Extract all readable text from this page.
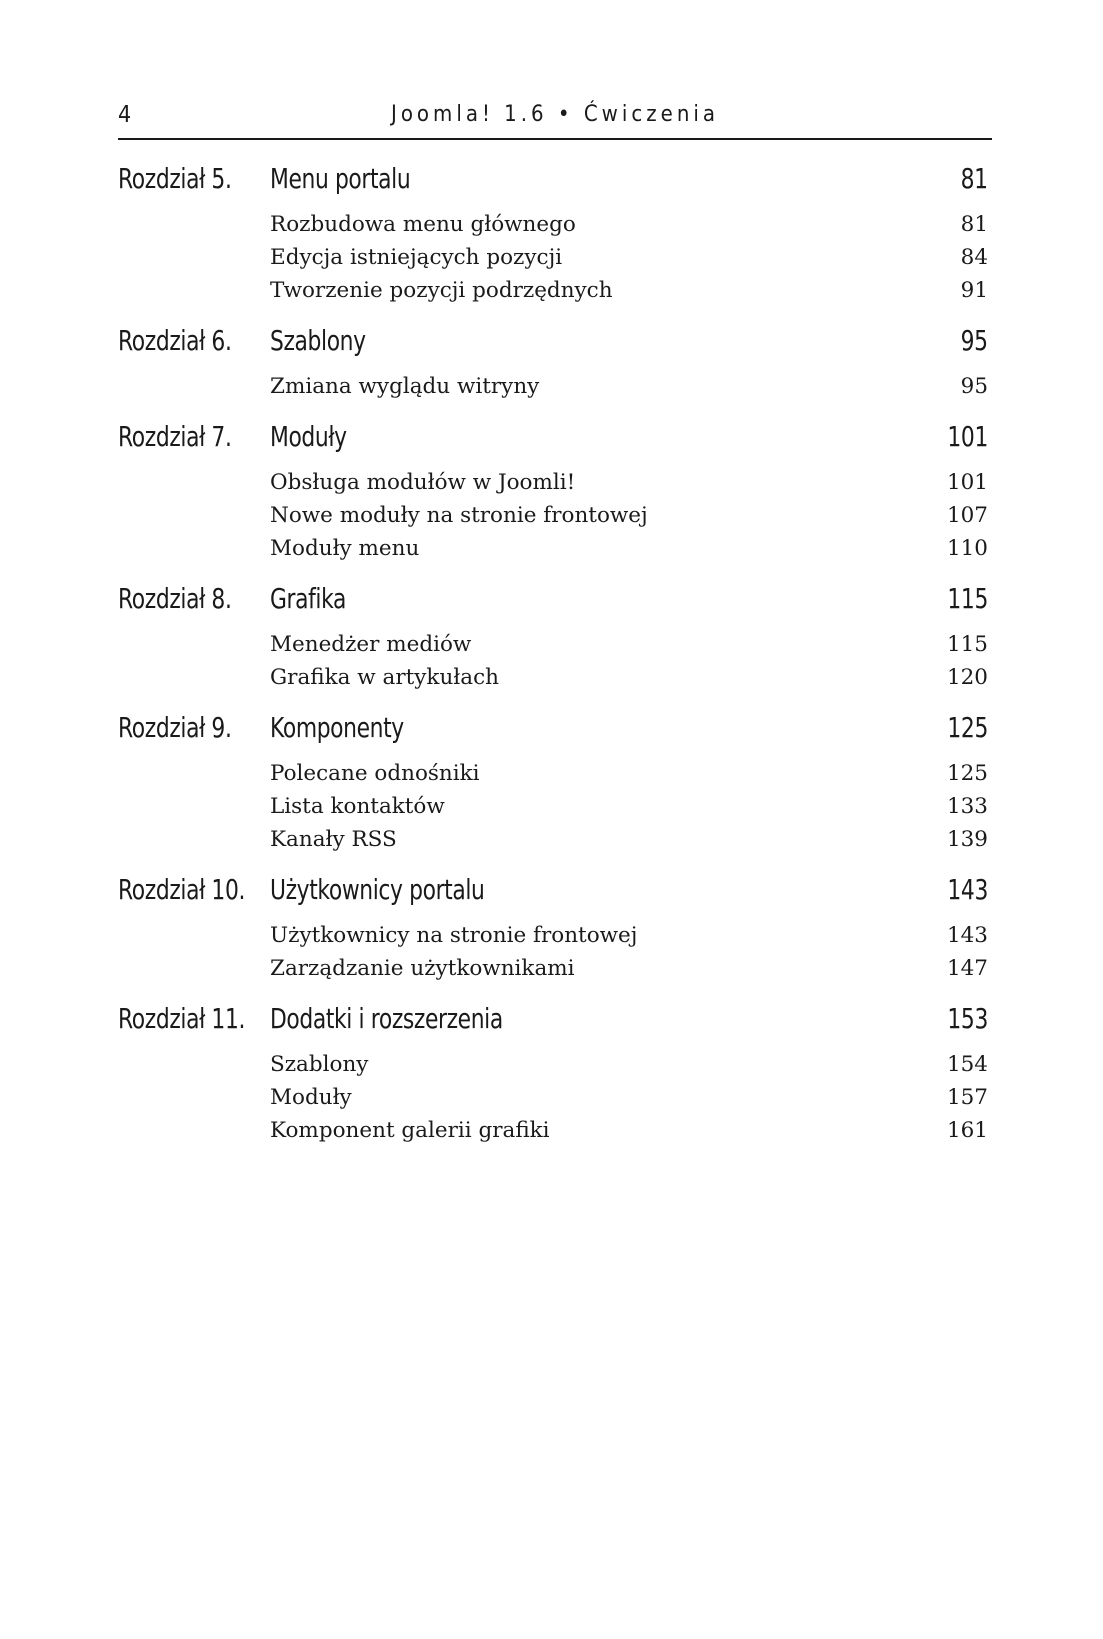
4	Joomla! 1.6 • Ćwiczenia
Rozdział 5. Menu portalu	81
Rozbudowa menu głównego	81
Edycja istniejących pozycji	84
Tworzenie pozycji podrzędnych	91
Rozdział 6. Szablony	95
Zmiana wyglądu witryny	95
Rozdział 7. Moduły	101
Obsługa modułów w Joomli!	101
Nowe moduły na stronie frontowej	107
Moduły menu	110
Rozdział 8. Grafika	115
Menedżer mediów	115
Grafika w artykułach	120
Rozdział 9. Komponenty	125
Polecane odnośniki	125
Lista kontaktów	133
Kanały RSS	139
Rozdział 10. Użytkownicy portalu	143
Użytkownicy na stronie frontowej	143
Zarządzanie użytkownikami	147
Rozdział 11. Dodatki i rozszerzenia	153
Szablony	154
Moduły	157
Komponent galerii grafiki	161
